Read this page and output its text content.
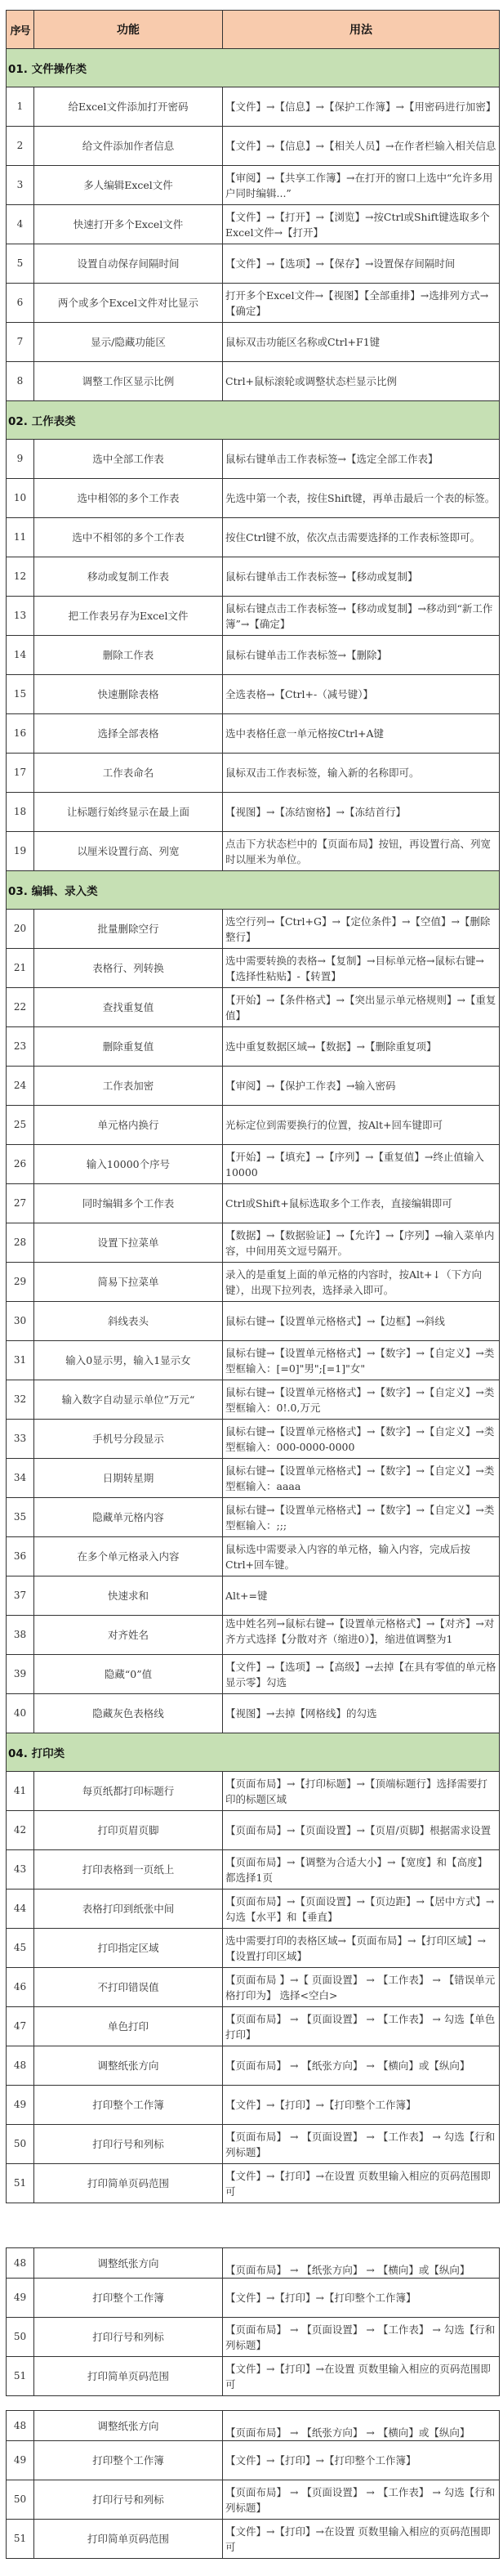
序号	功能	用法
01. 文件操作类		
1	给Excel文件添加打开密码	【文件】→【信息】→【保护工作簿】→【用密码进行加密】
2	给文件添加作者信息	【文件】→【信息】→【相关人员】→在作者栏输入相关信息
3	多人编辑Excel文件	【审阅】→【共享工作簿】→在打开的窗口上选中“允许多用户同时编辑...”
4	快速打开多个Excel文件	【文件】→【打开】→【浏览】→按Ctrl或Shift键选取多个Excel文件→【打开】
5	设置自动保存间隔时间	【文件】→【选项】→【保存】→设置保存间隔时间
6	两个或多个Excel文件对比显示	打开多个Excel文件→【视图】【全部重排】→选排列方式→【确定】
7	显示/隐藏功能区	鼠标双击功能区名称或Ctrl+F1键
8	调整工作区显示比例	Ctrl+鼠标滚轮或调整状态栏显示比例
02. 工作表类		
9	选中全部工作表	鼠标右键单击工作表标签→【选定全部工作表】
10	选中相邻的多个工作表	先选中第一个表，按住Shift键，再单击最后一个表的标签。
11	选中不相邻的多个工作表	按住Ctrl键不放，依次点击需要选择的工作表标签即可。
12	移动或复制工作表	鼠标右键单击工作表标签→【移动或复制】
13	把工作表另存为Excel文件	鼠标右键点击工作表标签→【移动或复制】→移动到“新工作簿”→【确定】
14	删除工作表	鼠标右键单击工作表标签→【删除】
15	快速删除表格	全选表格→【Ctrl+-（减号键）】
16	选择全部表格	选中表格任意一单元格按Ctrl+A键
17	工作表命名	鼠标双击工作表标签，输入新的名称即可。
18	让标题行始终显示在最上面	【视图】→【冻结窗格】→【冻结首行】
19	以厘米设置行高、列宽	点击下方状态栏中的【页面布局】按钮，再设置行高、列宽时以厘米为单位。
03. 编辑、录入类		
20	批量删除空行	选空行列→【Ctrl+G】→【定位条件】→【空值】→【删除整行】
21	表格行、列转换	选中需要转换的表格→【复制】→目标单元格→鼠标右键→【选择性粘贴】-【转置】
22	查找重复值	【开始】→【条件格式】→【突出显示单元格规则】→【重复值】
23	删除重复值	选中重复数据区域→【数据】→【删除重复项】
24	工作表加密	【审阅】→【保护工作表】→输入密码
25	单元格内换行	光标定位到需要换行的位置，按Alt+回车键即可
26	输入10000个序号	【开始】→【填充】→【序列】→【重复值】→终止值输入10000
27	同时编辑多个工作表	Ctrl或Shift+鼠标选取多个工作表，直接编辑即可
28	设置下拉菜单	【数据】→【数据验证】→【允许】→【序列】→输入菜单内容，中间用英文逗号隔开。
29	简易下拉菜单	录入的是重复上面的单元格的内容时，按Alt+↓（下方向键），出现下拉列表，选择录入即可。
30	斜线表头	鼠标右键→【设置单元格格式】→【边框】→斜线
31	输入0显示男，输入1显示女	鼠标右键→【设置单元格格式】→【数字】→【自定义】→类型框输入：[=0]"男";[=1]"女"
32	输入数字自动显示单位”万元“	鼠标右键→【设置单元格格式】→【数字】→【自定义】→类型框输入：0!.0,万元
33	手机号分段显示	鼠标右键→【设置单元格格式】→【数字】→【自定义】→类型框输入：000-0000-0000
34	日期转星期	鼠标右键→【设置单元格格式】→【数字】→【自定义】→类型框输入：aaaa
35	隐藏单元格内容	鼠标右键→【设置单元格格式】→【数字】→【自定义】→类型框输入：;;;
36	在多个单元格录入内容	鼠标选中需要录入内容的单元格，输入内容，完成后按Ctrl+回车键。
37	快速求和	Alt+=键
38	对齐姓名	选中姓名列→鼠标右键→【设置单元格格式】→【对齐】→对齐方式选择【分散对齐（缩进0）】，缩进值调整为1

39	隐藏“0”值	【文件】→【选项】→【高级】→去掉【在具有零值的单元格显示零】勾选
40	隐藏灰色表格线	【视图】→去掉【网格线】的勾选
04. 打印类		
41	每页纸都打印标题行	【页面布局】→【打印标题】→【顶端标题行】选择需要打印的标题区域
42	打印页眉页脚	【页面布局】→【页面设置】→【页眉/页脚】根据需求设置
43	打印表格到一页纸上	【页面布局】→【调整为合适大小】→【宽度】和【高度】都选择1页
44	表格打印到纸张中间	【页面布局】→【页面设置】→【页边距】→【居中方式】→勾选【水平】和【垂直】
45	打印指定区域	选中需要打印的表格区域→【页面布局】→【打印区域】→【设置打印区域】
46	不打印错误值	【页面布局 】→【 页面设置】 → 【工作表】 → 【错误单元格打印为】 选择<空白>
47	单色打印	【页面布局】 → 【页面设置】 → 【工作表】 → 勾选【单色打印】
48	调整纸张方向	【页面布局】 → 【纸张方向】 → 【横向】或【纵向】
49	打印整个工作簿	【文件】→【打印】→【打印整个工作簿】
50	打印行号和列标	【页面布局】 → 【页面设置】 → 【工作表】 → 勾选【行和列标题】
51	打印简单页码范围	【文件】→【打印】→在设置 页数里输入相应的页码范围即可
48	调整纸张方向	【页面布局】 → 【纸张方向】 → 【横向】或【纵向】
49	打印整个工作簿	【文件】→【打印】→【打印整个工作簿】
50	打印行号和列标	【页面布局】 → 【页面设置】 → 【工作表】 → 勾选【行和列标题】
51	打印简单页码范围	【文件】→【打印】→在设置 页数里输入相应的页码范围即可
48	调整纸张方向	【页面布局】 → 【纸张方向】 → 【横向】或【纵向】
49	打印整个工作簿	【文件】→【打印】→【打印整个工作簿】
50	打印行号和列标	【页面布局】 → 【页面设置】 → 【工作表】 → 勾选【行和列标题】
51	打印简单页码范围	【文件】→【打印】→在设置 页数里输入相应的页码范围即可
